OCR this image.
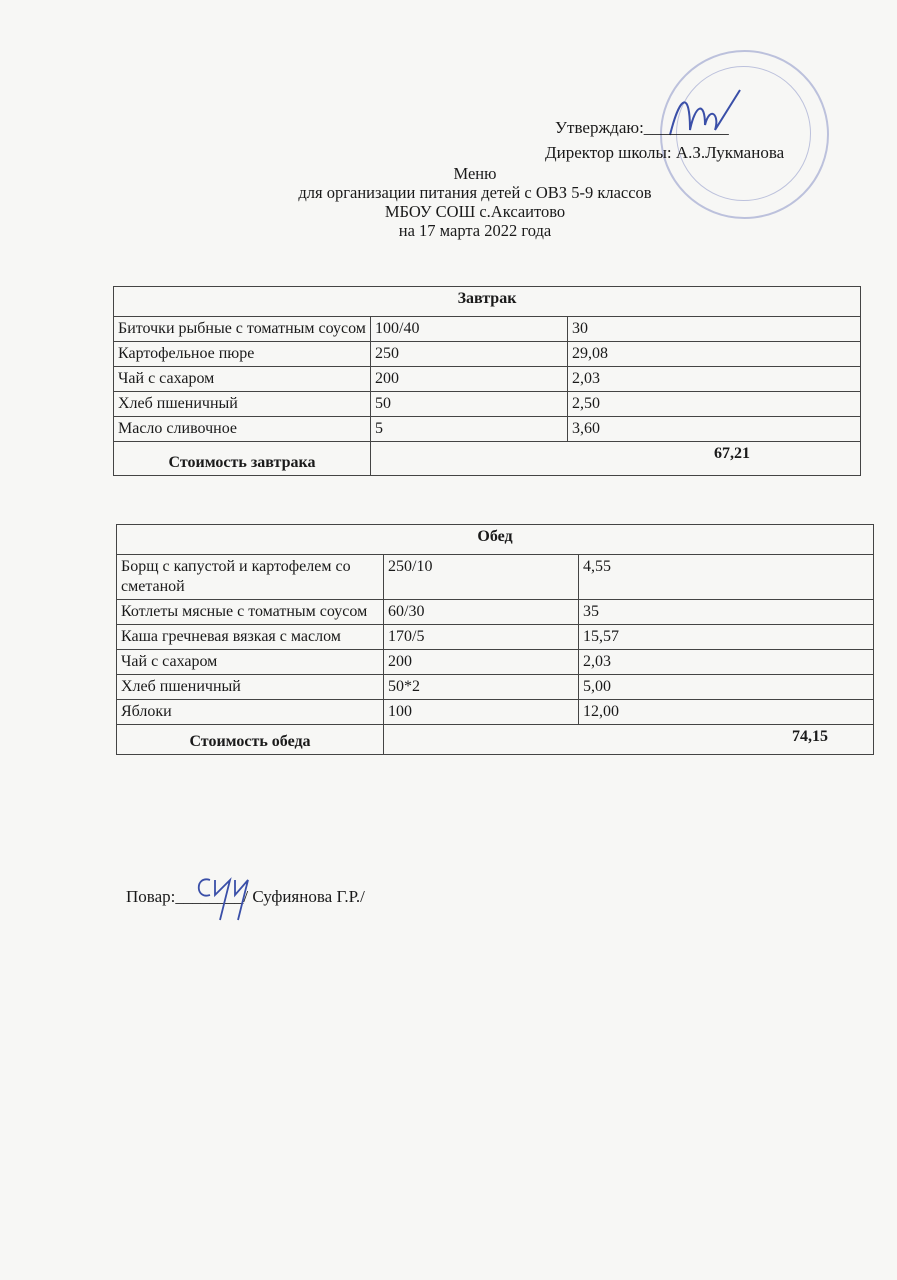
Утверждаю:__________
Директор школы: А.З.Лукманова
Меню
для организации питания детей с ОВЗ 5-9 классов
МБОУ СОШ с.Аксаитово
на 17 марта 2022 года
Завтрак		
Биточки рыбные с томатным соусом	100/40	30
Картофельное пюре	250	29,08
Чай с сахаром	200	2,03
Хлеб пшеничный	50	2,50
Масло сливочное	5	3,60
Стоимость завтрака	67,21	
Обед		
Борщ с капустой и картофелем со сметаной	250/10	4,55
Котлеты мясные с томатным соусом	60/30	35
Каша гречневая вязкая с маслом	170/5	15,57
Чай с сахаром	200	2,03
Хлеб пшеничный	50*2	5,00
Яблоки	100	12,00
Стоимость обеда	74,15	
Повар:________/ Суфиянова Г.Р./
